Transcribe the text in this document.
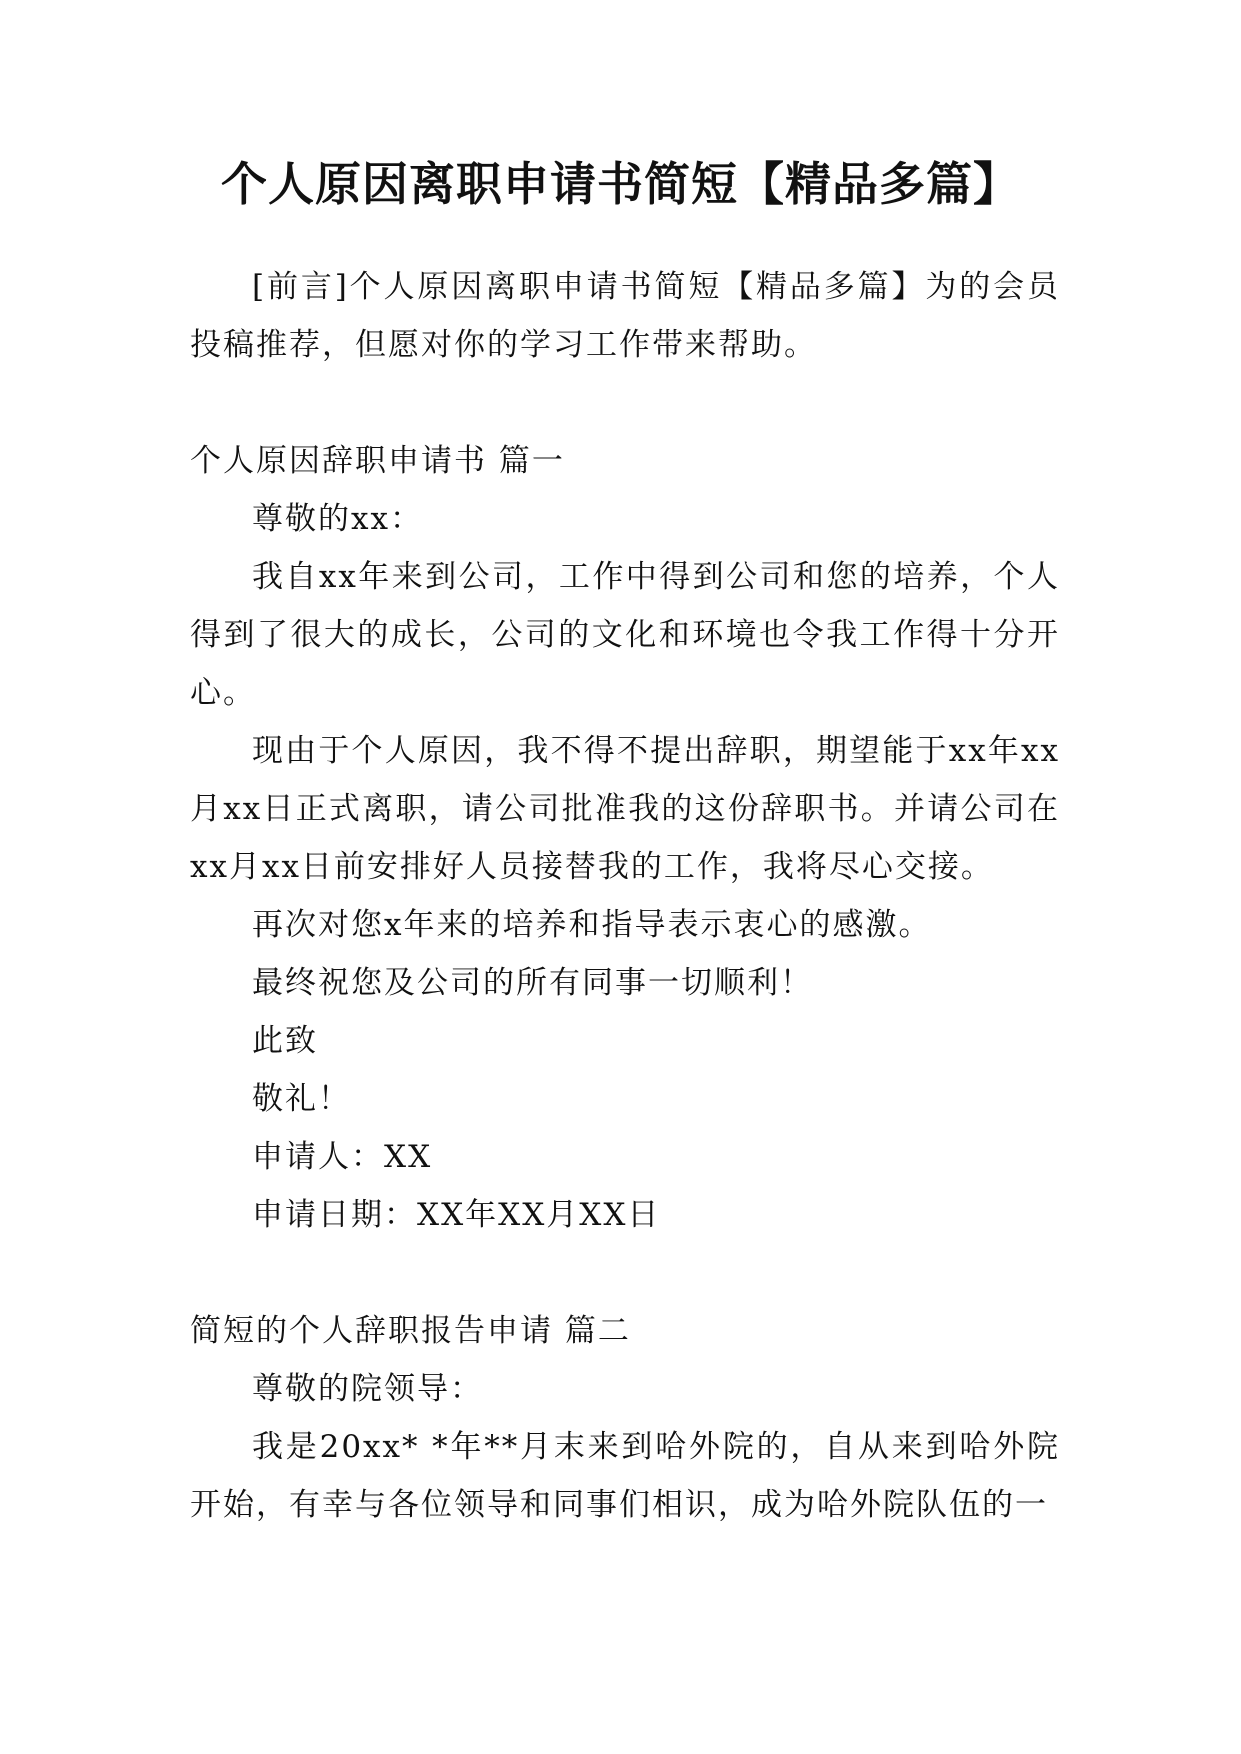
个人原因离职申请书简短【精品多篇】

[前言]个人原因离职申请书简短【精品多篇】为的会员投稿推荐，但愿对你的学习工作带来帮助。

个人原因辞职申请书 篇一

尊敬的xx：

我自xx年来到公司，工作中得到公司和您的培养，个人得到了很大的成长，公司的文化和环境也令我工作得十分开心。

现由于个人原因，我不得不提出辞职，期望能于xx年xx月xx日正式离职，请公司批准我的这份辞职书。并请公司在xx月xx日前安排好人员接替我的工作，我将尽心交接。

再次对您x年来的培养和指导表示衷心的感激。

最终祝您及公司的所有同事一切顺利！

此致

敬礼！

申请人：XX

申请日期：XX年XX月XX日

简短的个人辞职报告申请 篇二

尊敬的院领导：

我是20xx* *年**月末来到哈外院的，自从来到哈外院开始，有幸与各位领导和同事们相识，成为哈外院队伍的一
